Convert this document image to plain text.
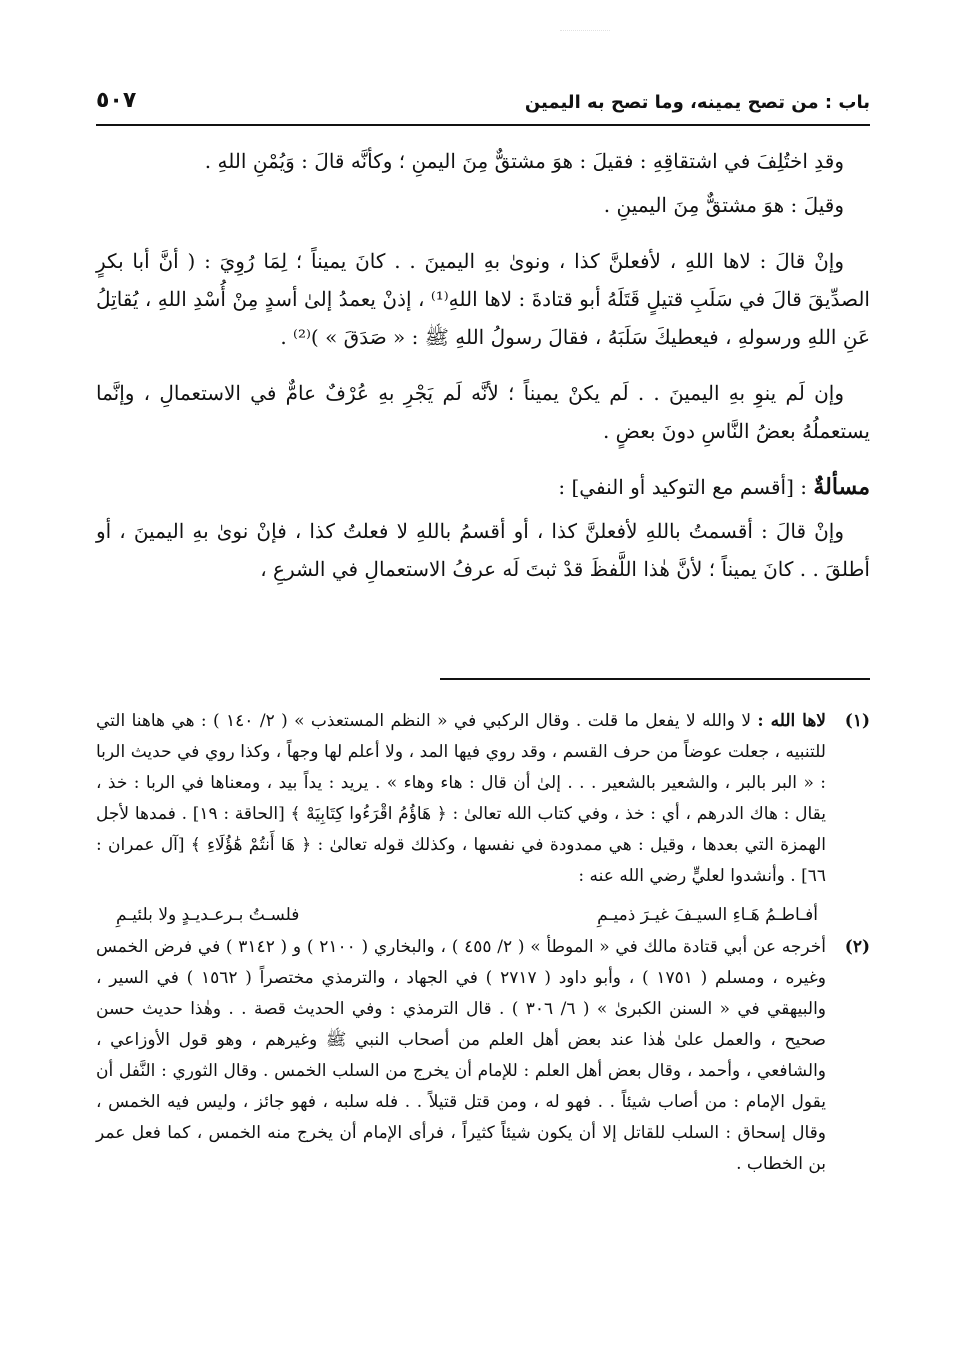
باب : من تصح يمينه، وما تصح به اليمين
٥٠٧

وقدِ اختُلِفَ في اشتقاقِهِ : فقيلَ : هوَ مشتقٌّ مِنَ اليمنِ ؛ وكأنَّه قالَ : وَيُمْنِ اللهِ .

وقيلَ : هوَ مشتقٌّ مِنَ اليمينِ .

وإنْ قالَ : لاها اللهِ ، لأفعلنَّ كذا ، ونوىٰ بهِ اليمينَ . . كانَ يميناً ؛ لِمَا رُوِيَ : ( أنَّ أبا بكرٍ الصدِّيقَ قالَ في سَلَبِ قتيلٍ قَتَلَهُ أبو قتادةَ : لاها اللهِ⁽¹⁾ ، إذنْ يعمدُ إلىٰ أسدٍ مِنْ أُسْدِ اللهِ ، يُقاتِلُ عَنِ اللهِ ورسولهِ ، فيعطيكَ سَلَبَهُ ، فقالَ رسولُ اللهِ ﷺ : « صَدَقَ » )⁽²⁾ .

وإن لَم ينوِ بهِ اليمينَ . . لَم يكنْ يميناً ؛ لأنَّه لَم يَجْرِ بهِ عُرْفٌ عامٌّ في الاستعمالِ ، وإنَّما يستعملُهُ بعضُ النَّاسِ دونَ بعضٍ .

مسألةٌ : [أقسم مع التوكيد أو النفي] :

وإنْ قالَ : أقسمتُ باللهِ لأفعلنَّ كذا ، أو أقسمُ باللهِ لا فعلتُ كذا ، فإنْ نوىٰ بهِ اليمينَ ، أو أطلقَ . . كانَ يميناً ؛ لأنَّ هٰذا اللَّفظَ قدْ ثبتَ لَه عرفُ الاستعمالِ في الشرعِ ،

(١)
لاها الله : لا والله لا يفعل ما قلت . وقال الركبي في « النظم المستعذب » ( ٢/ ١٤٠ ) : هي هاهنا التي للتنبيه ، جعلت عوضاً من حرف القسم ، وقد روي فيها المد ، ولا أعلم لها وجهاً ، وكذا روي في حديث الربا : « البر بالبر ، والشعير بالشعير . . . إلىٰ أن قال : هاء وهاء » . يريد : يداً بيد ، ومعناها في الربا : خذ ، يقال : هاك الدرهم ، أي : خذ ، وفي كتاب الله تعالىٰ : ﴿ هَاؤُمُ اقْرَءُوا كِتَابِيَهْ ﴾ [الحاقة : ١٩] . فمدها لأجل الهمزة التي بعدها ، وقيل : هي ممدودة في نفسها ، وكذلك قوله تعالىٰ : ﴿ هَا أَنتُمْ هَٰؤُلَاءِ ﴾ [آل عمران : ٦٦] . وأنشدوا لعليٍّ رضي الله عنه :
أفـاطـمُ هَـاءِ السيـفَ غيـرَ ذميـمِ
فلسـتُ بـرعـديـدٍ ولا بلئيـمِ
(٢)
أخرجه عن أبي قتادة مالك في « الموطأ » ( ٢/ ٤٥٥ ) ، والبخاري ( ٢١٠٠ ) و ( ٣١٤٢ ) في فرض الخمس وغيره ، ومسلم ( ١٧٥١ ) ، وأبو داود ( ٢٧١٧ ) في الجهاد ، والترمذي مختصراً ( ١٥٦٢ ) في السير ، والبيهقي في « السنن الكبرىٰ » ( ٦/ ٣٠٦ ) . قال الترمذي : وفي الحديث قصة . . وهٰذا حديث حسن صحيح ، والعمل علىٰ هٰذا عند بعض أهل العلم من أصحاب النبي ﷺ وغيرهم ، وهو قول الأوزاعي ، والشافعي ، وأحمد ، وقال بعض أهل العلم : للإمام أن يخرج من السلب الخمس . وقال الثوري : النَّفل أن يقول الإمام : من أصاب شيئاً . . فهو له ، ومن قتل قتيلاً . . فله سلبه ، فهو جائز ، وليس فيه الخمس ، وقال إسحاق : السلب للقاتل إلا أن يكون شيئاً كثيراً ، فرأى الإمام أن يخرج منه الخمس ، كما فعل عمر بن الخطاب .
